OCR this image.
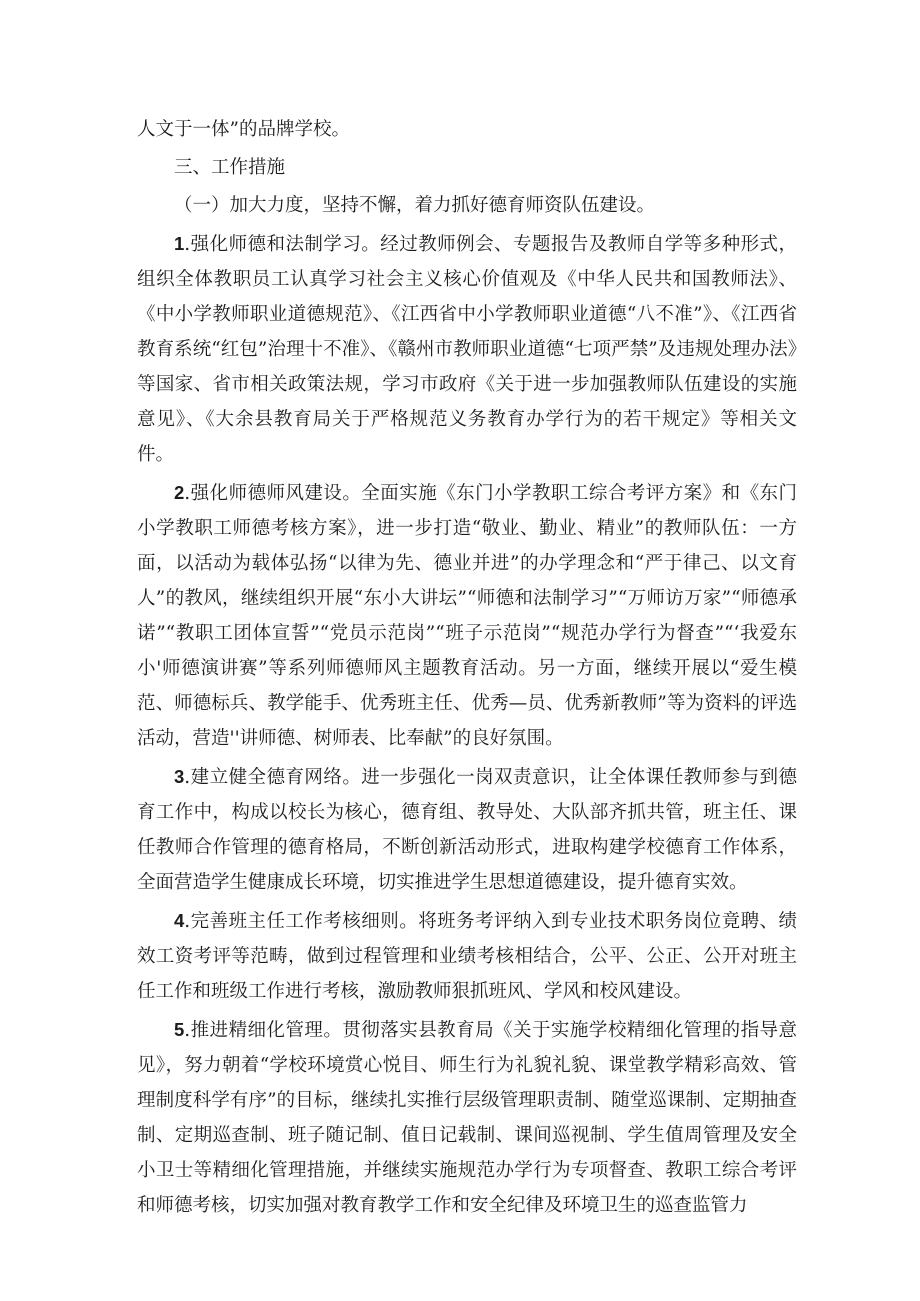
人文于一体”的品牌学校。

三、工作措施

（一）加大力度，坚持不懈，着力抓好德育师资队伍建设。

1.强化师德和法制学习。经过教师例会、专题报告及教师自学等多种形式，组织全体教职员工认真学习社会主义核心价值观及《中华人民共和国教师法》、《中小学教师职业道德规范》、《江西省中小学教师职业道德“八不准”》、《江西省教育系统“红包”治理十不准》、《赣州市教师职业道德“七项严禁”及违规处理办法》等国家、省市相关政策法规，学习市政府《关于进一步加强教师队伍建设的实施意见》、《大余县教育局关于严格规范义务教育办学行为的若干规定》等相关文件。

2.强化师德师风建设。全面实施《东门小学教职工综合考评方案》和《东门小学教职工师德考核方案》，进一步打造“敬业、勤业、精业”的教师队伍：一方面，以活动为载体弘扬“以律为先、德业并进”的办学理念和“严于律己、以文育人”的教风，继续组织开展“东小大讲坛”“师德和法制学习”“万师访万家”“师德承诺”“教职工团体宣誓”“党员示范岗”“班子示范岗”“规范办学行为督查”“‘我爱东小'师德演讲赛”等系列师德师风主题教育活动。另一方面，继续开展以“爱生模范、师德标兵、教学能手、优秀班主任、优秀—员、优秀新教师”等为资料的评选活动，营造''讲师德、树师表、比奉献”的良好氛围。

3.建立健全德育网络。进一步强化一岗双责意识，让全体课任教师参与到德育工作中，构成以校长为核心，德育组、教导处、大队部齐抓共管，班主任、课任教师合作管理的德育格局，不断创新活动形式，进取构建学校德育工作体系，全面营造学生健康成长环境，切实推进学生思想道德建设，提升德育实效。

4.完善班主任工作考核细则。将班务考评纳入到专业技术职务岗位竟聘、绩效工资考评等范畴，做到过程管理和业绩考核相结合，公平、公正、公开对班主任工作和班级工作进行考核，激励教师狠抓班风、学风和校风建设。

5.推进精细化管理。贯彻落实县教育局《关于实施学校精细化管理的指导意见》，努力朝着“学校环境赏心悦目、师生行为礼貌礼貌、课堂教学精彩高效、管理制度科学有序”的目标，继续扎实推行层级管理职责制、随堂巡课制、定期抽查制、定期巡查制、班子随记制、值日记载制、课间巡视制、学生值周管理及安全小卫士等精细化管理措施，并继续实施规范办学行为专项督查、教职工综合考评和师德考核，切实加强对教育教学工作和安全纪律及环境卫生的巡查监管力
